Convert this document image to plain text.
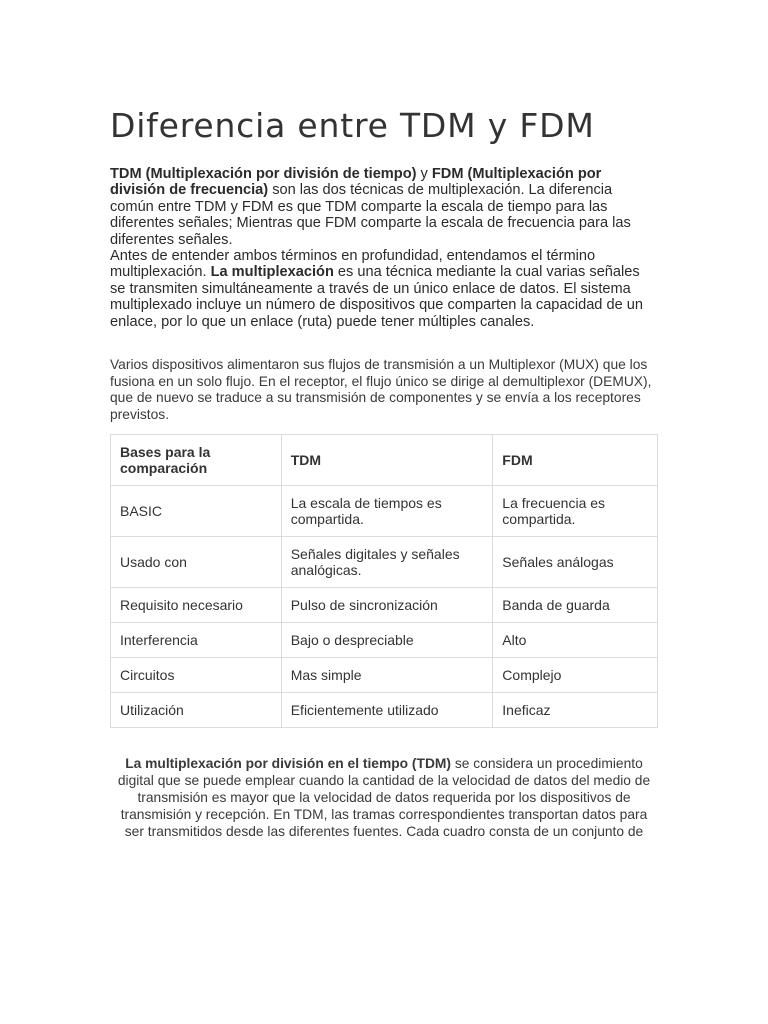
Diferencia entre TDM y FDM

TDM (Multiplexación por división de tiempo) y FDM (Multiplexación por división de frecuencia) son las dos técnicas de multiplexación. La diferencia común entre TDM y FDM es que TDM comparte la escala de tiempo para las diferentes señales; Mientras que FDM comparte la escala de frecuencia para las diferentes señales.

Antes de entender ambos términos en profundidad, entendamos el término multiplexación. La multiplexación es una técnica mediante la cual varias señales se transmiten simultáneamente a través de un único enlace de datos. El sistema multiplexado incluye un número de dispositivos que comparten la capacidad de un enlace, por lo que un enlace (ruta) puede tener múltiples canales.

Varios dispositivos alimentaron sus flujos de transmisión a un Multiplexor (MUX) que los fusiona en un solo flujo. En el receptor, el flujo único se dirige al demultiplexor (DEMUX), que de nuevo se traduce a su transmisión de componentes y se envía a los receptores previstos.

Bases para la comparación	TDM	FDM
BASIC	La escala de tiempos es compartida.	La frecuencia es compartida.
Usado con	Señales digitales y señales analógicas.	Señales análogas
Requisito necesario	Pulso de sincronización	Banda de guarda
Interferencia	Bajo o despreciable	Alto
Circuitos	Mas simple	Complejo
Utilización	Eficientemente utilizado	Ineficaz

La multiplexación por división en el tiempo (TDM) se considera un procedimiento digital que se puede emplear cuando la cantidad de la velocidad de datos del medio de transmisión es mayor que la velocidad de datos requerida por los dispositivos de transmisión y recepción. En TDM, las tramas correspondientes transportan datos para ser transmitidos desde las diferentes fuentes. Cada cuadro consta de un conjunto de
